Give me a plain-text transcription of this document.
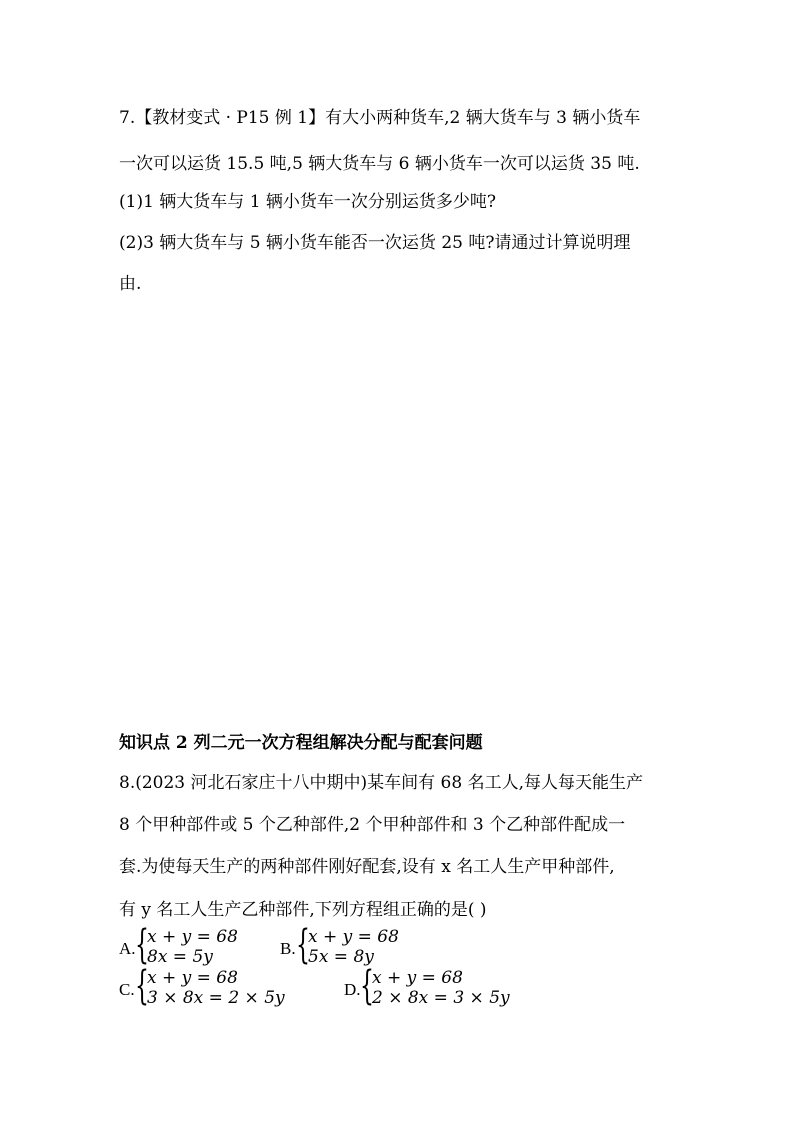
7.【教材变式 · P15 例 1】有大小两种货车,2 辆大货车与 3 辆小货车
一次可以运货 15.5 吨,5 辆大货车与 6 辆小货车一次可以运货 35 吨.
(1)1 辆大货车与 1 辆小货车一次分别运货多少吨?
(2)3 辆大货车与 5 辆小货车能否一次运货 25 吨?请通过计算说明理
由.
知识点 2 列二元一次方程组解决分配与配套问题
8.(2023 河北石家庄十八中期中)某车间有 68 名工人,每人每天能生产
8 个甲种部件或 5 个乙种部件,2 个甲种部件和 3 个乙种部件配成一
套.为使每天生产的两种部件刚好配套,设有 x 名工人生产甲种部件,
有 y 名工人生产乙种部件,下列方程组正确的是( )
A. {
x + y = 68
8x = 5y	B. {
x + y = 68
5x = 8y
C. {
x + y = 68
3 × 8x = 2 × 5y	D. {
x + y = 68
2 × 8x = 3 × 5y
